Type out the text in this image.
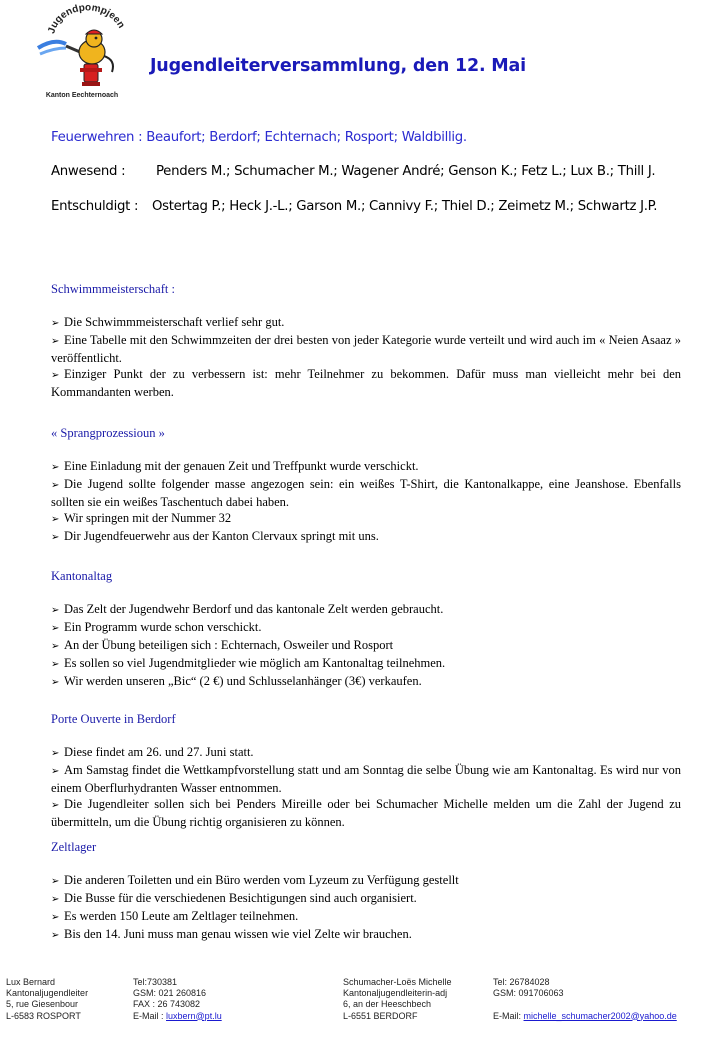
Jugendpompjeen
Kanton Eechternoach
Jugendleiterversammlung, den 12. Mai
Feuerwehren : Beaufort; Berdorf; Echternach; Rosport; Waldbillig.
Anwesend : Penders M.; Schumacher M.; Wagener André; Genson K.; Fetz L.; Lux B.; Thill J.
Entschuldigt : Ostertag P.; Heck J.-L.; Garson M.; Cannivy F.; Thiel D.; Zeimetz M.; Schwartz J.P.
Schwimmmeisterschaft :
➢ Die Schwimmmeisterschaft verlief sehr gut.
➢ Eine Tabelle mit den Schwimmzeiten der drei besten von jeder Kategorie wurde verteilt und wird auch im « Neien Asaaz » veröffentlicht.
➢ Einziger Punkt der zu verbessern ist: mehr Teilnehmer zu bekommen. Dafür muss man vielleicht mehr bei den Kommandanten werben.
« Sprangprozessioun »
➢ Eine Einladung mit der genauen Zeit und Treffpunkt wurde verschickt.
➢ Die Jugend sollte folgender masse angezogen sein: ein weißes T-Shirt, die Kantonalkappe, eine Jeanshose. Ebenfalls sollten sie ein weißes Taschentuch dabei haben.
➢ Wir springen mit der Nummer 32
➢ Dir Jugendfeuerwehr aus der Kanton Clervaux springt mit uns.
Kantonaltag
➢ Das Zelt der Jugendwehr Berdorf und das kantonale Zelt werden gebraucht.
➢ Ein Programm wurde schon verschickt.
➢ An der Übung beteiligen sich : Echternach, Osweiler und Rosport
➢ Es sollen so viel Jugendmitglieder wie möglich am Kantonaltag teilnehmen.
➢ Wir werden unseren „Bic“ (2 €) und Schlusselanhänger (3€) verkaufen.
Porte Ouverte in Berdorf
➢ Diese findet am 26. und 27. Juni statt.
➢ Am Samstag findet die Wettkampfvorstellung statt und am Sonntag die selbe Übung wie am Kantonaltag. Es wird nur von einem Oberflurhydranten Wasser entnommen.
➢ Die Jugendleiter sollen sich bei Penders Mireille oder bei Schumacher Michelle melden um die Zahl der Jugend zu übermitteln, um die Übung richtig organisieren zu können.
Zeltlager
➢ Die anderen Toiletten und ein Büro werden vom Lyzeum zu Verfügung gestellt
➢ Die Busse für die verschiedenen Besichtigungen sind auch organisiert.
➢ Es werden 150 Leute am Zeltlager teilnehmen.
➢ Bis den 14. Juni muss man genau wissen wie viel Zelte wir brauchen.
Lux Bernard
Kantonaljugendleiter
5, rue Giesenbour
L-6583 ROSPORT
Tel:730381
GSM: 021 260816
FAX : 26 743082
E-Mail : luxbern@pt.lu
Schumacher-Loës Michelle
Kantonaljugendleiterin-adj
6, an der Heeschbech
L-6551 BERDORF
Tel: 26784028
GSM: 091706063

E-Mail: michelle_schumacher2002@yahoo.de
